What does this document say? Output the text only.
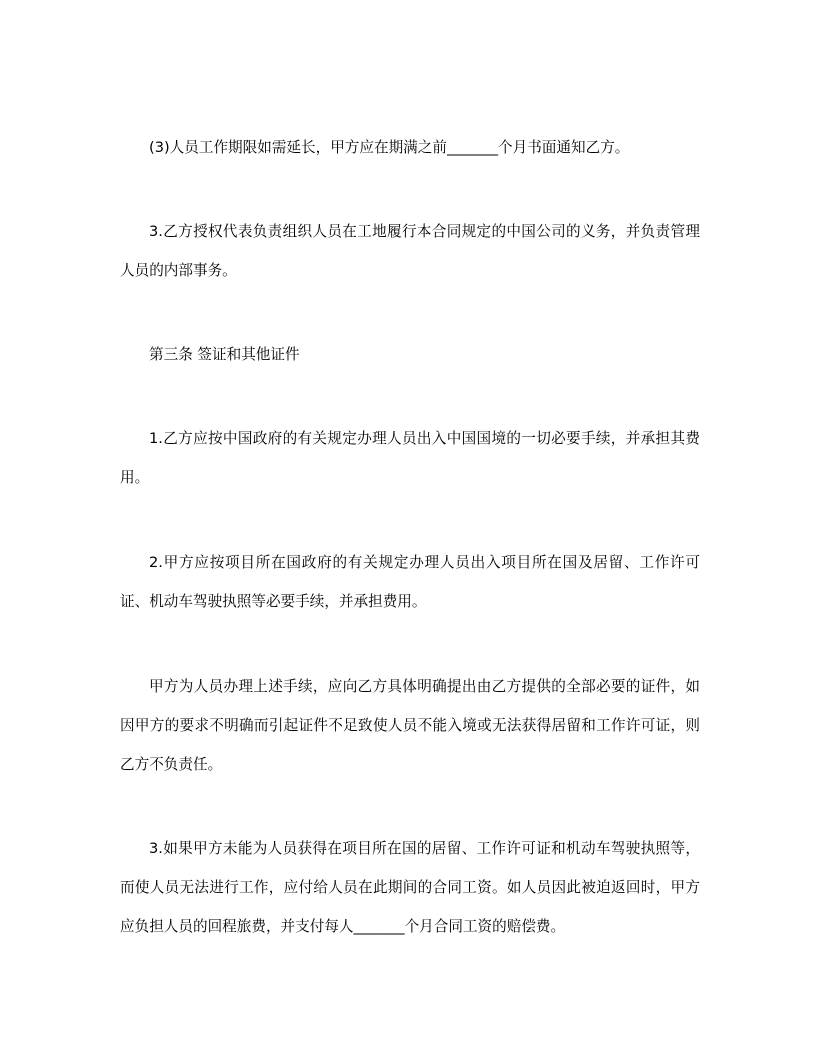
(3)人员工作期限如需延长，甲方应在期满之前_______个月书面通知乙方。

3.乙方授权代表负责组织人员在工地履行本合同规定的中国公司的义务，并负责管理人员的内部事务。

第三条 签证和其他证件

1.乙方应按中国政府的有关规定办理人员出入中国国境的一切必要手续，并承担其费用。

2.甲方应按项目所在国政府的有关规定办理人员出入项目所在国及居留、工作许可证、机动车驾驶执照等必要手续，并承担费用。

甲方为人员办理上述手续，应向乙方具体明确提出由乙方提供的全部必要的证件，如因甲方的要求不明确而引起证件不足致使人员不能入境或无法获得居留和工作许可证，则乙方不负责任。

3.如果甲方未能为人员获得在项目所在国的居留、工作许可证和机动车驾驶执照等，而使人员无法进行工作，应付给人员在此期间的合同工资。如人员因此被迫返回时，甲方应负担人员的回程旅费，并支付每人_______个月合同工资的赔偿费。
